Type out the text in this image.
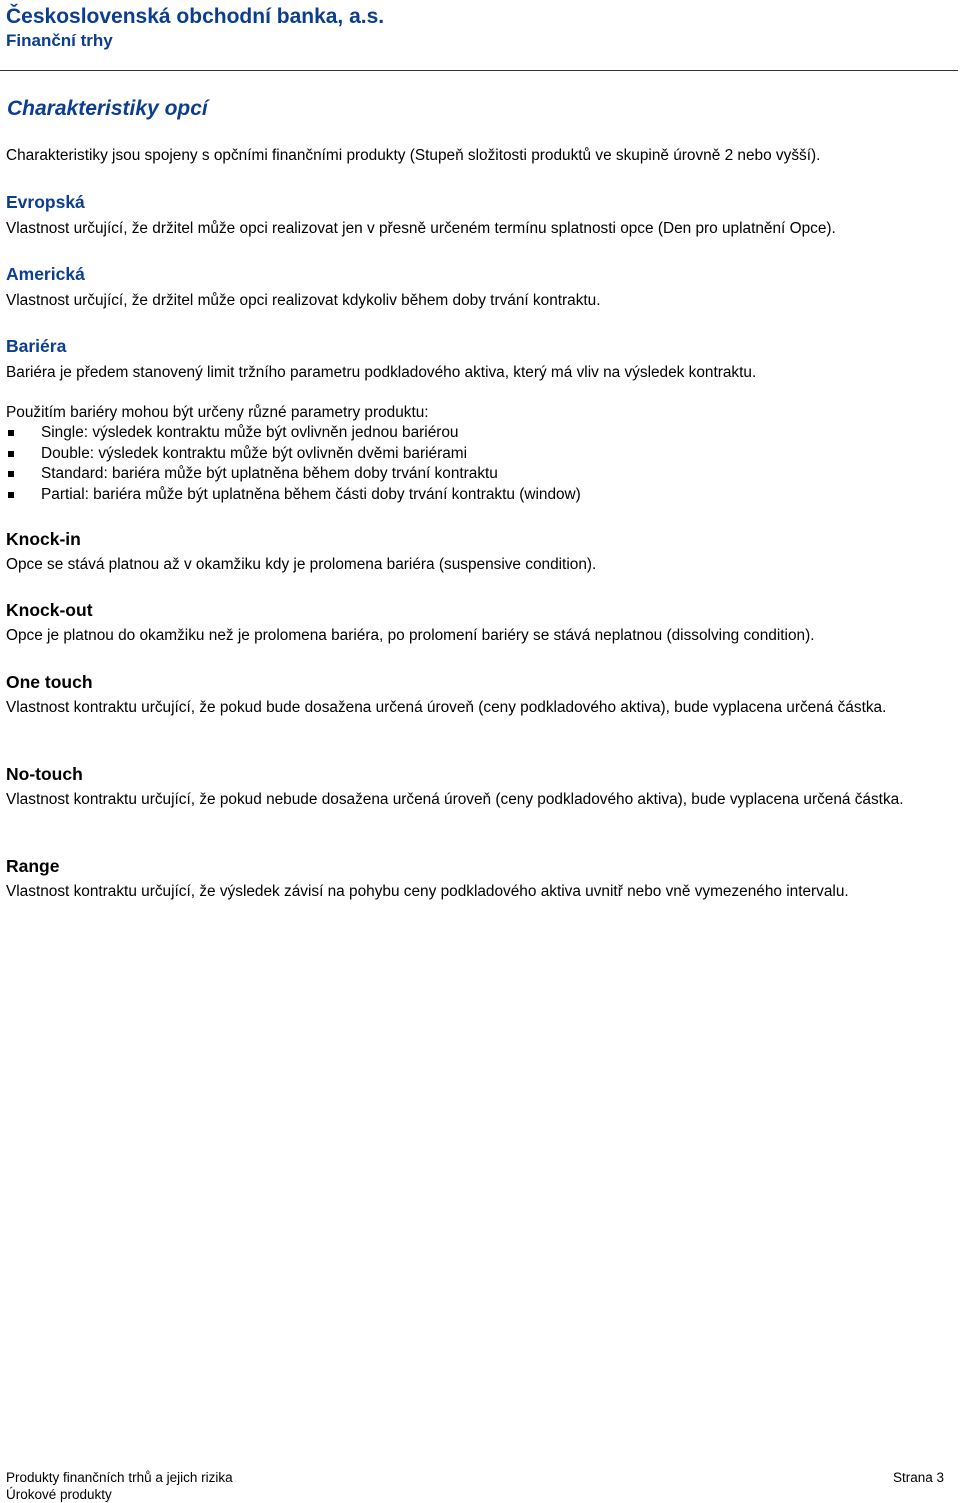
Československá obchodní banka, a.s.
Finanční trhy
Charakteristiky opcí
Charakteristiky jsou spojeny s opčními finančními produkty (Stupeň složitosti produktů ve skupině úrovně 2 nebo vyšší).
Evropská
Vlastnost určující, že držitel může opci realizovat jen v přesně určeném termínu splatnosti opce (Den pro uplatnění Opce).
Americká
Vlastnost určující, že držitel může opci realizovat kdykoliv během doby trvání kontraktu.
Bariéra
Bariéra je předem stanovený limit tržního parametru podkladového aktiva, který má vliv na výsledek kontraktu.
Použitím bariéry mohou být určeny různé parametry produktu:
Single: výsledek kontraktu může být ovlivněn jednou bariérou
Double: výsledek kontraktu může být ovlivněn dvěmi bariérami
Standard: bariéra může být uplatněna během doby trvání kontraktu
Partial: bariéra může být uplatněna během části doby trvání kontraktu (window)
Knock-in
Opce se stává platnou až v okamžiku kdy je prolomena bariéra (suspensive condition).
Knock-out
Opce je platnou do okamžiku než je prolomena bariéra, po prolomení bariéry se stává neplatnou (dissolving condition).
One touch
Vlastnost kontraktu určující, že pokud bude dosažena určená úroveň (ceny podkladového aktiva), bude vyplacena určená částka.
No-touch
Vlastnost kontraktu určující, že pokud nebude dosažena určená úroveň (ceny podkladového aktiva), bude vyplacena určená částka.
Range
Vlastnost kontraktu určující, že výsledek závisí na pohybu ceny podkladového aktiva uvnitř nebo vně vymezeného intervalu.
Produkty finančních trhů a jejich rizika
Úrokové produkty
Strana 3
